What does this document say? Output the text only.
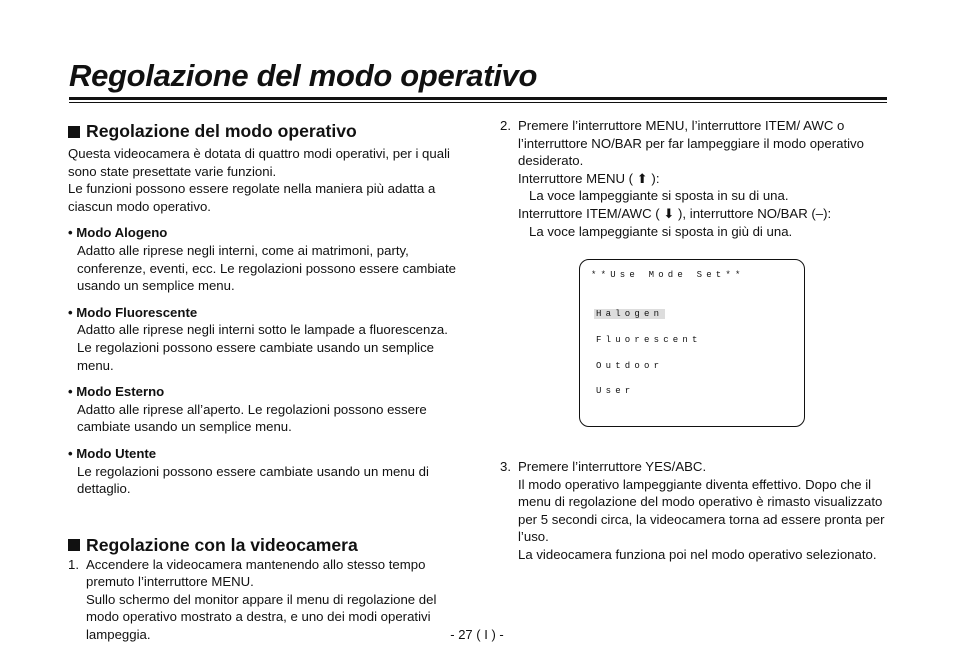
Regolazione del modo operativo
Regolazione del modo operativo

Questa videocamera è dotata di quattro modi operativi, per i quali sono state presettate varie funzioni.

Le funzioni possono essere regolate nella maniera più adatta a ciascun modo operativo.

• Modo Alogeno
Adatto alle riprese negli interni, come ai matrimoni, party, conferenze, eventi, ecc. Le regolazioni possono essere cambiate usando un semplice menu.
• Modo Fluorescente
Adatto alle riprese negli interni sotto le lampade a fluorescenza. Le regolazioni possono essere cambiate usando un semplice menu.
• Modo Esterno
Adatto alle riprese all’aperto. Le regolazioni possono essere cambiate usando un semplice menu.
• Modo Utente
Le regolazioni possono essere cambiate usando un menu di dettaglio.
Regolazione con la videocamera
1. Accendere la videocamera mantenendo allo stesso tempo premuto l’interruttore MENU.

Sullo schermo del monitor appare il menu di regolazione del modo operativo mostrato a destra, e uno dei modi operativi lampeggia.

2. Premere l’interruttore MENU, l’interruttore ITEM/ AWC o l’interruttore NO/BAR per far lampeggiare il modo operativo desiderato.

Interruttore MENU ( ⬆ ):

La voce lampeggiante si sposta in su di una.

Interruttore ITEM/AWC ( ⬇ ), interruttore NO/BAR (–):

La voce lampeggiante si sposta in giù di una.

**Use Mode Set**
Halogen
Fluorescent
Outdoor
User
3. Premere l’interruttore YES/ABC.

Il modo operativo lampeggiante diventa effettivo. Dopo che il menu di regolazione del modo operativo è rimasto visualizzato per 5 secondi circa, la videocamera torna ad essere pronta per l’uso.

La videocamera funziona poi nel modo operativo selezionato.

- 27 ( I ) -
